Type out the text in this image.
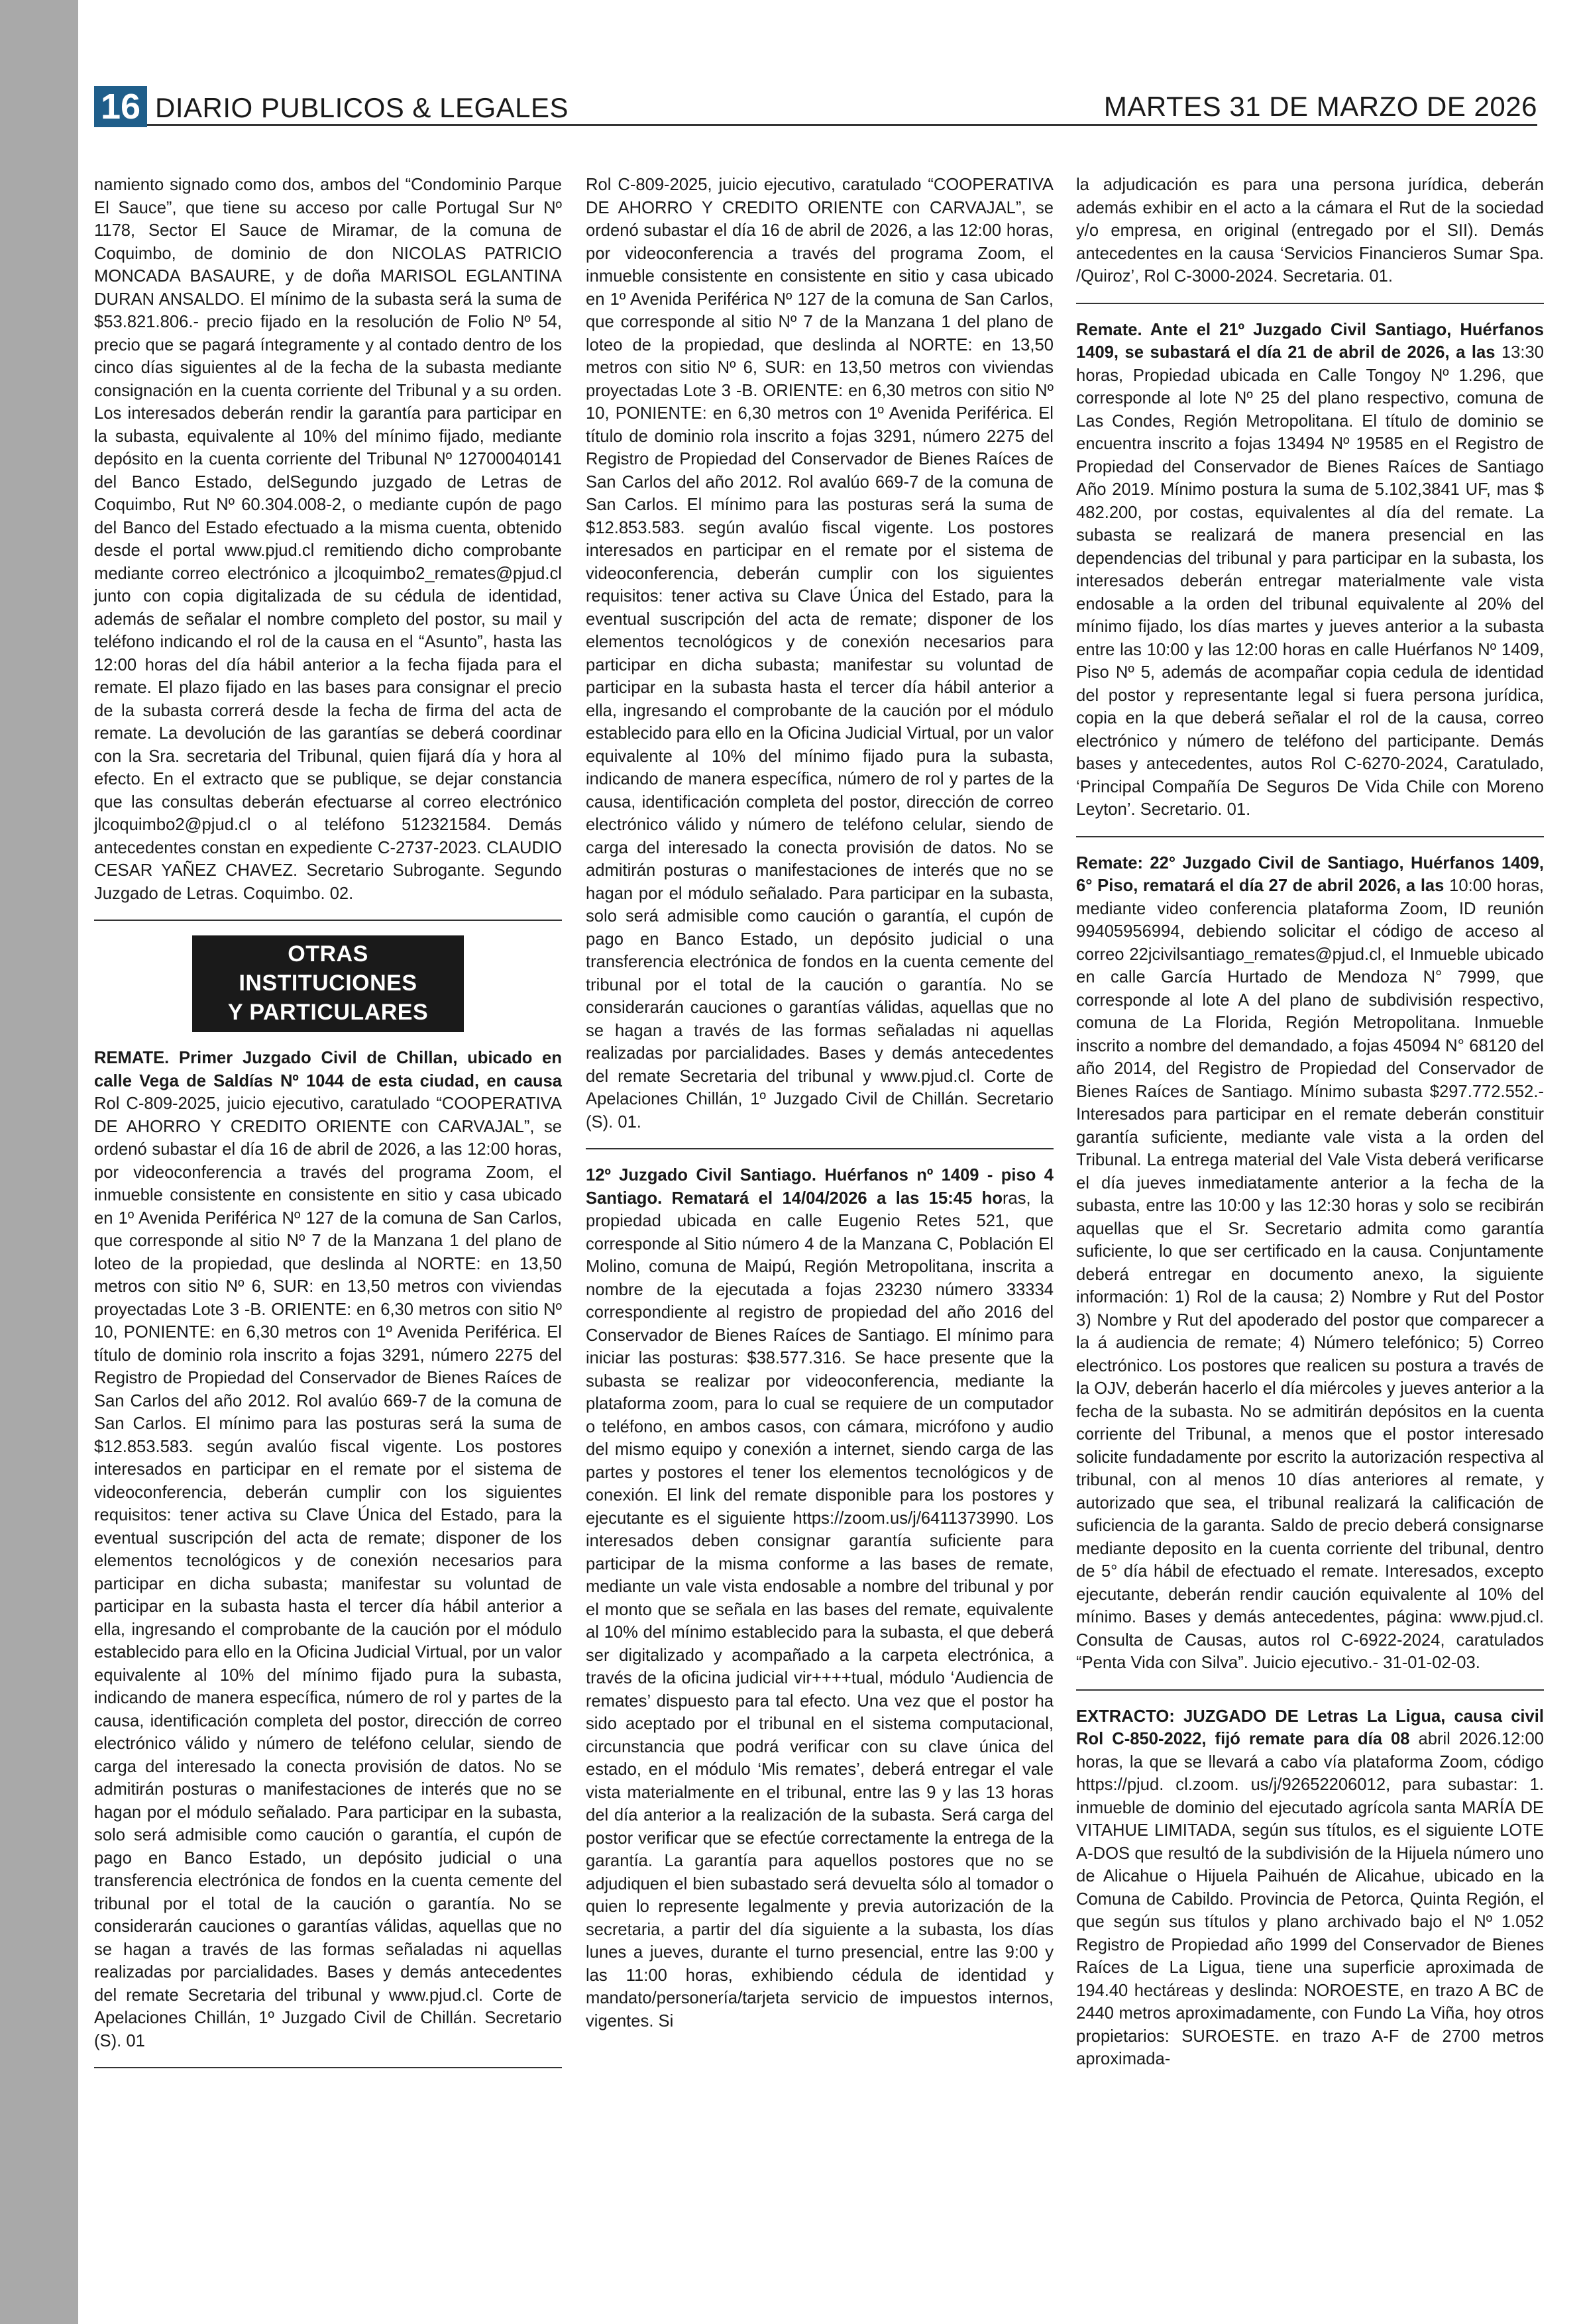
16 DIARIO PUBLICOS & LEGALES	MARTES 31 DE MARZO DE 2026

namiento signado como dos, ambos del “Condominio Parque El Sauce”, que tiene su acceso por calle Portugal Sur Nº 1178, Sector El Sauce de Miramar, de la comuna de Coquimbo, de dominio de don NICOLAS PATRICIO MONCADA BASAURE, y de doña MARISOL EGLANTINA DURAN ANSALDO. El mínimo de la subasta será la suma de $53.821.806.- precio fijado en la resolución de Folio Nº 54, precio que se pagará íntegramente y al contado dentro de los cinco días siguientes al de la fecha de la subasta mediante consignación en la cuenta corriente del Tribunal y a su orden. Los interesados deberán rendir la garantía para participar en la subasta, equivalente al 10% del mínimo fijado, mediante depósito en la cuenta corriente del Tribunal Nº 12700040141 del Banco Estado, delSegundo juzgado de Letras de Coquimbo, Rut Nº 60.304.008-2, o mediante cupón de pago del Banco del Estado efectuado a la misma cuenta, obtenido desde el portal www.pjud.cl remitiendo dicho comprobante mediante correo electrónico a jlcoquimbo2_remates@pjud.cl junto con copia digitalizada de su cédula de identidad, además de señalar el nombre completo del postor, su mail y teléfono indicando el rol de la causa en el “Asunto”, hasta las 12:00 horas del día hábil anterior a la fecha fijada para el remate. El plazo fijado en las bases para consignar el precio de la subasta correrá desde la fecha de firma del acta de remate. La devolución de las garantías se deberá coordinar con la Sra. secretaria del Tribunal, quien fijará día y hora al efecto. En el extracto que se publique, se dejar constancia que las consultas deberán efectuarse al correo electrónico jlcoquimbo2@pjud.cl o al teléfono 512321584. Demás antecedentes constan en expediente C-2737-2023. CLAUDIO CESAR YAÑEZ CHAVEZ. Secretario Subrogante. Segundo Juzgado de Letras. Coquimbo. 02.

OTRAS INSTITUCIONES
Y PARTICULARES

REMATE. Primer Juzgado Civil de Chillan, ubicado en calle Vega de Saldías Nº 1044 de esta ciudad, en causa Rol C-809-2025, juicio ejecutivo, caratulado “COOPERATIVA DE AHORRO Y CREDITO ORIENTE con CARVAJAL”, se ordenó subastar el día 16 de abril de 2026, a las 12:00 horas, por videoconferencia a través del programa Zoom, el inmueble consistente en consistente en sitio y casa ubicado en 1º Avenida Periférica Nº 127 de la comuna de San Carlos, que corresponde al sitio Nº 7 de la Manzana 1 del plano de loteo de la propiedad, que deslinda al NORTE: en 13,50 metros con sitio Nº 6, SUR: en 13,50 metros con viviendas proyectadas Lote 3 -B. ORIENTE: en 6,30 metros con sitio Nº 10, PONIENTE: en 6,30 metros con 1º Avenida Periférica. El título de dominio rola inscrito a fojas 3291, número 2275 del Registro de Propiedad del Conservador de Bienes Raíces de San Carlos del año 2012. Rol avalúo 669-7 de la comuna de San Carlos. El mínimo para las posturas será la suma de $12.853.583. según avalúo fiscal vigente. Los postores interesados en participar en el remate por el sistema de videoconferencia, deberán cumplir con los siguientes requisitos: tener activa su Clave Única del Estado, para la eventual suscripción del acta de remate; disponer de los elementos tecnológicos y de conexión necesarios para participar en dicha subasta; manifestar su voluntad de participar en la subasta hasta el tercer día hábil anterior a ella, ingresando el comprobante de la caución por el módulo establecido para ello en la Oficina Judicial Virtual, por un valor equivalente al 10% del mínimo fijado pura la subasta, indicando de manera específica, número de rol y partes de la causa, identificación completa del postor, dirección de correo electrónico válido y número de teléfono celular, siendo de carga del interesado la conecta provisión de datos. No se admitirán posturas o manifestaciones de interés que no se hagan por el módulo señalado. Para participar en la subasta, solo será admisible como caución o garantía, el cupón de pago en Banco Estado, un depósito judicial o una transferencia electrónica de fondos en la cuenta cemente del tribunal por el total de la caución o garantía. No se considerarán cauciones o garantías válidas, aquellas que no se hagan a través de las formas señaladas ni aquellas realizadas por parcialidades. Bases y demás antecedentes del remate Secretaria del tribunal y www.pjud.cl. Corte de Apelaciones Chillán, 1º Juzgado Civil de Chillán. Secretario (S). 01

Rol C-809-2025, juicio ejecutivo, caratulado “COOPERATIVA DE AHORRO Y CREDITO ORIENTE con CARVAJAL”, se ordenó subastar el día 16 de abril de 2026, a las 12:00 horas, por videoconferencia a través del programa Zoom, el inmueble consistente en consistente en sitio y casa ubicado en 1º Avenida Periférica Nº 127 de la comuna de San Carlos, que corresponde al sitio Nº 7 de la Manzana 1 del plano de loteo de la propiedad, que deslinda al NORTE: en 13,50 metros con sitio Nº 6, SUR: en 13,50 metros con viviendas proyectadas Lote 3 -B. ORIENTE: en 6,30 metros con sitio Nº 10, PONIENTE: en 6,30 metros con 1º Avenida Periférica. El título de dominio rola inscrito a fojas 3291, número 2275 del Registro de Propiedad del Conservador de Bienes Raíces de San Carlos del año 2012. Rol avalúo 669-7 de la comuna de San Carlos. El mínimo para las posturas será la suma de $12.853.583. según avalúo fiscal vigente. Los postores interesados en participar en el remate por el sistema de videoconferencia, deberán cumplir con los siguientes requisitos: tener activa su Clave Única del Estado, para la eventual suscripción del acta de remate; disponer de los elementos tecnológicos y de conexión necesarios para participar en dicha subasta; manifestar su voluntad de participar en la subasta hasta el tercer día hábil anterior a ella, ingresando el comprobante de la caución por el módulo establecido para ello en la Oficina Judicial Virtual, por un valor equivalente al 10% del mínimo fijado pura la subasta, indicando de manera específica, número de rol y partes de la causa, identificación completa del postor, dirección de correo electrónico válido y número de teléfono celular, siendo de carga del interesado la conecta provisión de datos. No se admitirán posturas o manifestaciones de interés que no se hagan por el módulo señalado. Para participar en la subasta, solo será admisible como caución o garantía, el cupón de pago en Banco Estado, un depósito judicial o una transferencia electrónica de fondos en la cuenta cemente del tribunal por el total de la caución o garantía. No se considerarán cauciones o garantías válidas, aquellas que no se hagan a través de las formas señaladas ni aquellas realizadas por parcialidades. Bases y demás antecedentes del remate Secretaria del tribunal y www.pjud.cl. Corte de Apelaciones Chillán, 1º Juzgado Civil de Chillán. Secretario (S). 01.

12º Juzgado Civil Santiago. Huérfanos nº 1409 - piso 4 Santiago. Rematará el 14/04/2026 a las 15:45 horas, la propiedad ubicada en calle Eugenio Retes 521, que corresponde al Sitio número 4 de la Manzana C, Población El Molino, comuna de Maipú, Región Metropolitana, inscrita a nombre de la ejecutada a fojas 23230 número 33334 correspondiente al registro de propiedad del año 2016 del Conservador de Bienes Raíces de Santiago. El mínimo para iniciar las posturas: $38.577.316. Se hace presente que la subasta se realizar por videoconferencia, mediante la plataforma zoom, para lo cual se requiere de un computador o teléfono, en ambos casos, con cámara, micrófono y audio del mismo equipo y conexión a internet, siendo carga de las partes y postores el tener los elementos tecnológicos y de conexión. El link del remate disponible para los postores y ejecutante es el siguiente https://zoom.us/j/6411373990. Los interesados deben consignar garantía suficiente para participar de la misma conforme a las bases de remate, mediante un vale vista endosable a nombre del tribunal y por el monto que se señala en las bases del remate, equivalente al 10% del mínimo establecido para la subasta, el que deberá ser digitalizado y acompañado a la carpeta electrónica, a través de la oficina judicial vir++++tual, módulo ‘Audiencia de remates’ dispuesto para tal efecto. Una vez que el postor ha sido aceptado por el tribunal en el sistema computacional, circunstancia que podrá verificar con su clave única del estado, en el módulo ‘Mis remates’, deberá entregar el vale vista materialmente en el tribunal, entre las 9 y las 13 horas del día anterior a la realización de la subasta. Será carga del postor verificar que se efectúe correctamente la entrega de la garantía. La garantía para aquellos postores que no se adjudiquen el bien subastado será devuelta sólo al tomador o quien lo represente legalmente y previa autorización de la secretaria, a partir del día siguiente a la subasta, los días lunes a jueves, durante el turno presencial, entre las 9:00 y las 11:00 horas, exhibiendo cédula de identidad y mandato/personería/tarjeta servicio de impuestos internos, vigentes. Si

la adjudicación es para una persona jurídica, deberán además exhibir en el acto a la cámara el Rut de la sociedad y/o empresa, en original (entregado por el SII). Demás antecedentes en la causa ‘Servicios Financieros Sumar Spa. /Quiroz’, Rol C-3000-2024. Secretaria. 01.

Remate. Ante el 21º Juzgado Civil Santiago, Huérfanos 1409, se subastará el día 21 de abril de 2026, a las 13:30 horas, Propiedad ubicada en Calle Tongoy Nº 1.296, que corresponde al lote Nº 25 del plano respectivo, comuna de Las Condes, Región Metropolitana. El título de dominio se encuentra inscrito a fojas 13494 Nº 19585 en el Registro de Propiedad del Conservador de Bienes Raíces de Santiago Año 2019. Mínimo postura la suma de 5.102,3841 UF, mas $ 482.200, por costas, equivalentes al día del remate. La subasta se realizará de manera presencial en las dependencias del tribunal y para participar en la subasta, los interesados deberán entregar materialmente vale vista endosable a la orden del tribunal equivalente al 20% del mínimo fijado, los días martes y jueves anterior a la subasta entre las 10:00 y las 12:00 horas en calle Huérfanos Nº 1409, Piso Nº 5, además de acompañar copia cedula de identidad del postor y representante legal si fuera persona jurídica, copia en la que deberá señalar el rol de la causa, correo electrónico y número de teléfono del participante. Demás bases y antecedentes, autos Rol C-6270-2024, Caratulado, ‘Principal Compañía De Seguros De Vida Chile con Moreno Leyton’. Secretario. 01.

Remate: 22° Juzgado Civil de Santiago, Huérfanos 1409, 6° Piso, rematará el día 27 de abril 2026, a las 10:00 horas, mediante video conferencia plataforma Zoom, ID reunión 99405956994, debiendo solicitar el código de acceso al correo 22jcivilsantiago_remates@pjud.cl, el Inmueble ubicado en calle García Hurtado de Mendoza N° 7999, que corresponde al lote A del plano de subdivisión respectivo, comuna de La Florida, Región Metropolitana. Inmueble inscrito a nombre del demandado, a fojas 45094 N° 68120 del año 2014, del Registro de Propiedad del Conservador de Bienes Raíces de Santiago. Mínimo subasta $297.772.552.- Interesados para participar en el remate deberán constituir garantía suficiente, mediante vale vista a la orden del Tribunal. La entrega material del Vale Vista deberá verificarse el día jueves inmediatamente anterior a la fecha de la subasta, entre las 10:00 y las 12:30 horas y solo se recibirán aquellas que el Sr. Secretario admita como garantía suficiente, lo que ser certificado en la causa. Conjuntamente deberá entregar en documento anexo, la siguiente información: 1) Rol de la causa; 2) Nombre y Rut del Postor 3) Nombre y Rut del apoderado del postor que comparecer a la á audiencia de remate; 4) Número telefónico; 5) Correo electrónico. Los postores que realicen su postura a través de la OJV, deberán hacerlo el día miércoles y jueves anterior a la fecha de la subasta. No se admitirán depósitos en la cuenta corriente del Tribunal, a menos que el postor interesado solicite fundadamente por escrito la autorización respectiva al tribunal, con al menos 10 días anteriores al remate, y autorizado que sea, el tribunal realizará la calificación de suficiencia de la garanta. Saldo de precio deberá consignarse mediante deposito en la cuenta corriente del tribunal, dentro de 5° día hábil de efectuado el remate. Interesados, excepto ejecutante, deberán rendir caución equivalente al 10% del mínimo. Bases y demás antecedentes, página: www.pjud.cl. Consulta de Causas, autos rol C-6922-2024, caratulados “Penta Vida con Silva”. Juicio ejecutivo.- 31-01-02-03.

EXTRACTO: JUZGADO DE Letras La Ligua, causa civil Rol C-850-2022, fijó remate para día 08 abril 2026.12:00 horas, la que se llevará a cabo vía plataforma Zoom, código https://pjud. cl.zoom. us/j/92652206012, para subastar: 1. inmueble de dominio del ejecutado agrícola santa MARÍA DE VITAHUE LIMITADA, según sus títulos, es el siguiente LOTE A-DOS que resultó de la subdivisión de la Hijuela número uno de Alicahue o Hijuela Paihuén de Alicahue, ubicado en la Comuna de Cabildo. Provincia de Petorca, Quinta Región, el que según sus títulos y plano archivado bajo el Nº 1.052 Registro de Propiedad año 1999 del Conservador de Bienes Raíces de La Ligua, tiene una superficie aproximada de 194.40 hectáreas y deslinda: NOROESTE, en trazo A BC de 2440 metros aproximadamente, con Fundo La Viña, hoy otros propietarios: SUROESTE. en trazo A-F de 2700 metros aproximada-
